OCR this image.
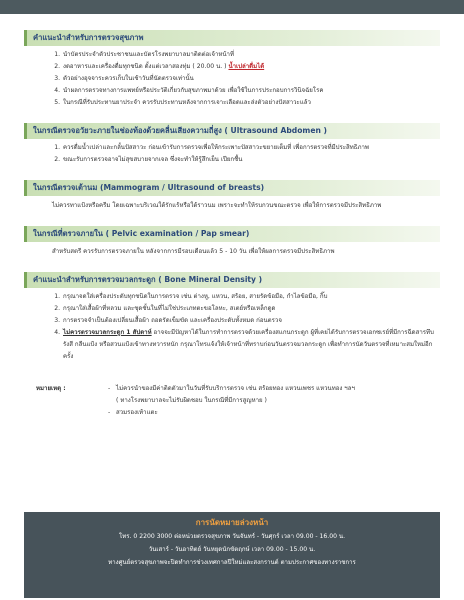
คำแนะนำสำหรับการตรวจสุขภาพ
1. นำบัตรประจำตัวประชาชนและบัตรโรงพยาบาลมาติดต่อเจ้าหน้าที่
2. งดอาหารและเครื่องดื่มทุกชนิด ตั้งแต่เวลาสองทุ่ม ( 20.00 น. ) น้ำเปล่าดื่มได้
3. ตัวอย่างอุจจาระควรเก็บในเช้าวันที่นัดตรวจเท่านั้น
4. นำผลการตรวจทางการแพทย์หรือประวัติเกี่ยวกับสุขภาพมาด้วย เพื่อใช้ในการประกอบการวินิจฉัยโรค
5. ในกรณีที่รับประทานยาประจำ ควรรับประทานหลังจากการเจาะเลือดและส่งตัวอย่างปัสสาวะแล้ว
ในกรณีตรวจอวัยวะภายในช่องท้องด้วยคลื่นเสียงความถี่สูง ( Ultrasound Abdomen )
1. ควรดื่มน้ำเปล่าและกลั้นปัสสาวะ ก่อนเข้ารับการตรวจเพื่อให้กระเพาะปัสสาวะขยายเต็มที่ เพื่อการตรวจที่มีประสิทธิภาพ
2. ขณะรับการตรวจอาจไม่สุขสบายจากเจล ซึ่งจะทำให้รู้สึกเย็น เปียกชื้น
ในกรณีตรวจเต้านม (Mammogram / Ultrasound of breasts)
ไม่ควรทาแป้งหรือครีม โดยเฉพาะบริเวณใต้รักแร้หรือใต้ราวนม เพราะจะทำให้รบกวนขณะตรวจ เพื่อให้การตรวจมีประสิทธิภาพ
ในกรณีที่ตรวจภายใน ( Pelvic examination / Pap smear)
สำหรับสตรี ควรรับการตรวจภายใน หลังจากการมีรอบเดือนแล้ว 5 - 10 วัน เพื่อให้ผลการตรวจมีประสิทธิภาพ
คำแนะนำสำหรับการตรวจมวลกระดูก ( Bone Mineral Density )
1. กรุณาจดใส่เครื่องประดับทุกชนิดในการตรวจ เช่น ต่างหู, แหวน, สร้อย, สายรัดข้อมือ, กำไลข้อมือ, กิ๊บ
2. กรุณาใส่เสื้อผ้าที่หลวม และชุดชั้นในที่ไม่ใช่ประเภทตะขอโลหะ, สเตย์หรือเหล็กดูด
3. การตรวจจำเป็นต้องเปลี่ยนเสื้อผ้า ถอดรัดเข็มขัด และเครื่องประดับทั้งหมด ก่อนตรวจ
4. ไม่ควรตรวจมวลกระดูก 1 สัปดาห์ อาจจะมีปัญหาได้ในการทำการตรวจด้วยเครื่องสแกนกระดูก ผู้ที่เคยได้รับการตรวจเอกซเรย์ที่มีการฉีดสารทึบรังสี กลืนแป้ง หรือสวนแป้งเข้าทางทวารหนัก กรุณาโทรแจ้งให้เจ้าหน้าที่ทราบก่อนวันตรวจมวลกระดูก เพื่อทำการนัดวันตรวจที่เหมาะสมใหม่อีกครั้ง
หมายเหตุ :
-	ไม่ควรนำของมีค่าติดตัวมาในวันที่รับบริการตรวจ เช่น สร้อยทอง แหวนเพชร แหวนทอง ฯลฯ
( ทางโรงพยาบาลจะไม่รับผิดชอบ ในกรณีที่มีการสูญหาย )
- สวมรองเท้าแตะ
การนัดหมายล่วงหน้า
โทร. 0 2200 3000 ต่อหน่วยตรวจสุขภาพ วันจันทร์ - วันศุกร์ เวลา 09.00 - 16.00 น.
วันเสาร์ - วันอาทิตย์ วันหยุดนักขัตฤกษ์ เวลา 09.00 - 15.00 น.
ทางศูนย์ตรวจสุขภาพจะปิดทำการช่วงเทศกาลปีใหม่และสงกรานต์ ตามประกาศของทางราชการ
